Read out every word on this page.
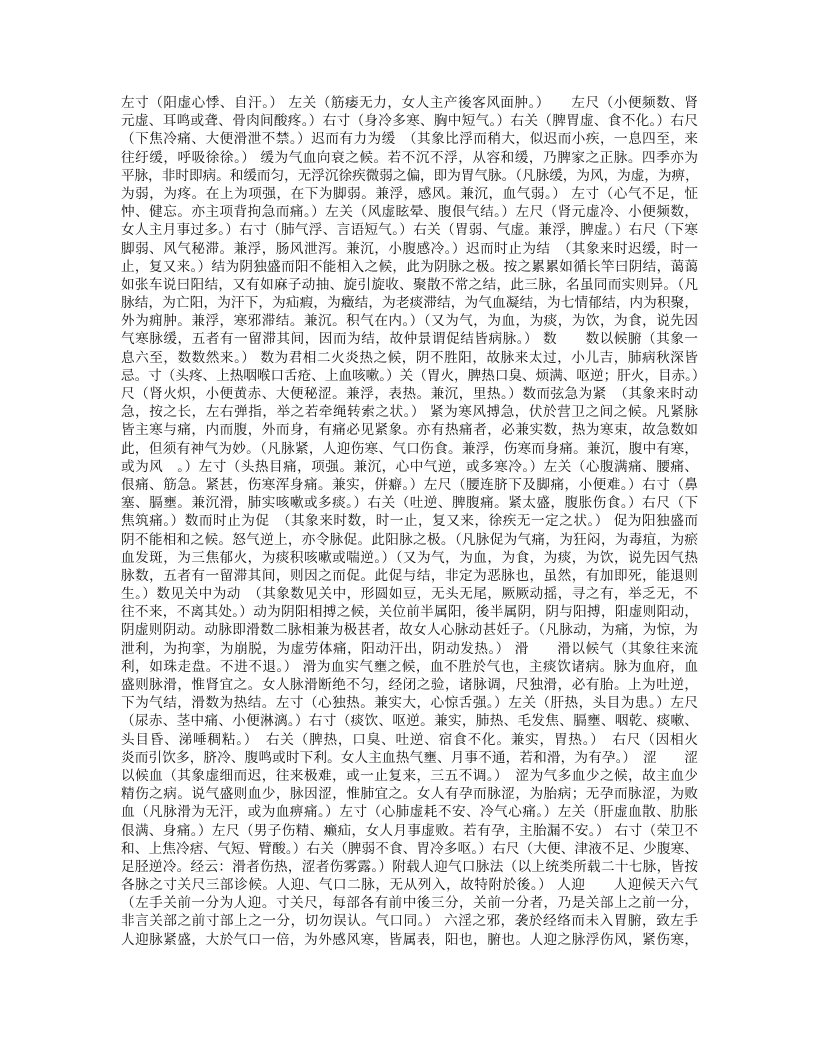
左寸（阳虚心悸、自汗。） 左关（筋痿无力，女人主产後客风面肿。）　　左尺（小便频数、肾
元虚、耳鸣或聋、骨肉间酸疼。）右寸（身冷多寒、胸中短气。）右关（脾胃虚、食不化。）右尺
（下焦冷痛、大便滑泄不禁。）迟而有力为缓　（其象比浮而稍大，似迟而小疾，一息四至，来
往纡缓，呼吸徐徐。） 缓为气血向衰之候。若不沉不浮，从容和缓，乃脾家之正脉。四季亦为
平脉，非时即病。和缓而匀，无浮沉徐疾微弱之偏，即为胃气脉。（凡脉缓，为风，为虚，为痹，
为弱，为疼。在上为项强，在下为脚弱。兼浮，感风。兼沉，血气弱。） 左寸（心气不足，怔
忡、健忘。亦主项背拘急而痛。）左关（风虚眩晕、腹佷气结。）左尺（肾元虚冷、小便频数，
女人主月事过多。）右寸（肺气浮、言语短气。）右关（胃弱、气虚。兼浮，脾虚。）右尺（下寒
脚弱、风气秘滞。兼浮，肠风泄泻。兼沉，小腹感冷。）迟而时止为结　（其象来时迟缓，时一
止，复又来。）结为阴独盛而阳不能相入之候，此为阴脉之极。按之累累如循长竿曰阴结，蔼蔼
如张车说曰阳结，又有如麻子动抽、旋引旋收、聚散不常之结，此三脉，名虽同而实则异。（凡
脉结，为亡阳，为汗下，为疝瘕，为癥结，为老痰滞结，为气血凝结，为七情郁结，内为积聚，
外为痈肿。兼浮，寒邪滞结。兼沉。积气在内。）（又为气，为血，为痰，为饮，为食，说先因
气寒脉缓，五者有一留滞其间，因而为结，故仲景谓促结皆病脉。） 数　　数以候腑（其象一
息六至，数数然来。） 数为君相二火炎热之候，阴不胜阳，故脉来太过，小儿吉，肺病秋深皆
忌。寸（头疼、上热咽喉口舌疮、上血咳嗽。）关（胃火，脾热口臭、烦满、呕逆；肝火，目赤。）
尺（肾火炽，小便黄赤、大便秘涩。兼浮，表热。兼沉，里热。）数而弦急为紧　（其象来时动
急，按之长，左右弹指，举之若牵绳转索之状。） 紧为寒风搏急，伏於营卫之间之候。凡紧脉
皆主寒与痛，内而腹，外而身，有痛必见紧象。亦有热痛者，必兼实数，热为寒束，故急数如
此，但须有神气为妙。（凡脉紧，人迎伤寒、气口伤食。兼浮，伤寒而身痛。兼沉，腹中有寒，
或为风　。）左寸（头热目痛，项强。兼沉，心中气逆，或多寒冷。）左关（心腹满痛、腰痛、
佷痛、筋急。紧甚，伤寒浑身痛。兼实，併癖。）左尺（腰连脐下及脚痛，小便难。）右寸（鼻
塞、膈壅。兼沉滑，肺实咳嗽或多痰。）右关（吐逆、脾腹痛。紧太盛，腹胀伤食。）右尺（下
焦筑痛。）数而时止为促　（其象来时数，时一止，复又来，徐疾无一定之状。） 促为阳独盛而
阴不能相和之候。怒气逆上，亦令脉促。此阳脉之极。（凡脉促为气痛，为狂闷，为毒疽，为瘀
血发斑，为三焦郁火，为痰积咳嗽或喘逆。）（又为气，为血，为食，为痰，为饮，说先因气热
脉数，五者有一留滞其间，则因之而促。此促与结，非定为恶脉也，虽然，有加即死，能退则
生。）数见关中为动　（其象数见关中，形圆如豆，无头无尾，厥厥动摇，寻之有，举乏无，不
往不来，不离其处。）动为阴阳相搏之候，关位前半属阳，後半属阴，阴与阳搏，阳虚则阳动，
阴虚则阴动。动脉即滑数二脉相兼为极甚者，故女人心脉动甚妊子。（凡脉动，为痛，为惊，为
泄利，为拘挛，为崩脱，为虚劳体痛，阳动汗出，阴动发热。） 滑　　滑以候气（其象往来流
利，如珠走盘。不进不退。） 滑为血实气壅之候，血不胜於气也，主痰饮诸病。脉为血府，血
盛则脉滑，惟肾宜之。女人脉滑断绝不匀，经闭之验，诸脉调，尺独滑，必有胎。上为吐逆，
下为气结，滑数为热结。左寸（心独热。兼实大，心惊舌强。）左关（肝热，头目为患。）左尺
（尿赤、茎中痛、小便淋漓。）右寸（痰饮、呕逆。兼实，肺热、毛发焦、膈壅、咽乾、痰嗽、
头目昏、涕唾稠粘。）　右关（脾热，口臭、吐逆、宿食不化。兼实，胃热。）　右尺（因相火
炎而引饮多，脐冷、腹鸣或时下利。女人主血热气壅、月事不通，若和滑，为有孕。）　涩　　涩
以候血（其象虚细而迟，往来极难，或一止复来，三五不调。）　涩为气多血少之候，故主血少
精伤之病。说气盛则血少，脉因涩，惟肺宜之。女人有孕而脉涩，为胎病；无孕而脉涩，为败
血（凡脉滑为无汗，或为血痹痛。）左寸（心肺虚耗不安、冷气心痛。）左关（肝虚血散、肋胀
佷满、身痛。）左尺（男子伤精、癞疝，女人月事虚败。若有孕，主胎漏不安。） 右寸（荣卫不
和、上焦冷痞、气短、臂酸。）右关（脾弱不食、胃冷多呕。）右尺（大便、津液不足、少腹寒、
足胫逆冷。经云：滑者伤热，涩者伤雾露。）附载人迎气口脉法（以上统类所载二十七脉，皆按
各脉之寸关尺三部诊候。人迎、气口二脉，无从列入，故特附於後。） 人迎　　人迎候天六气
（左手关前一分为人迎。寸关尺，每部各有前中後三分，关前一分者，乃是关部上之前一分，
非言关部之前寸部上之一分，切勿误认。气口同。） 六淫之邪，袭於经络而未入胃腑，致左手
人迎脉紧盛，大於气口一倍，为外感风寒，皆属表，阳也，腑也。人迎之脉浮伤风，紧伤寒，
